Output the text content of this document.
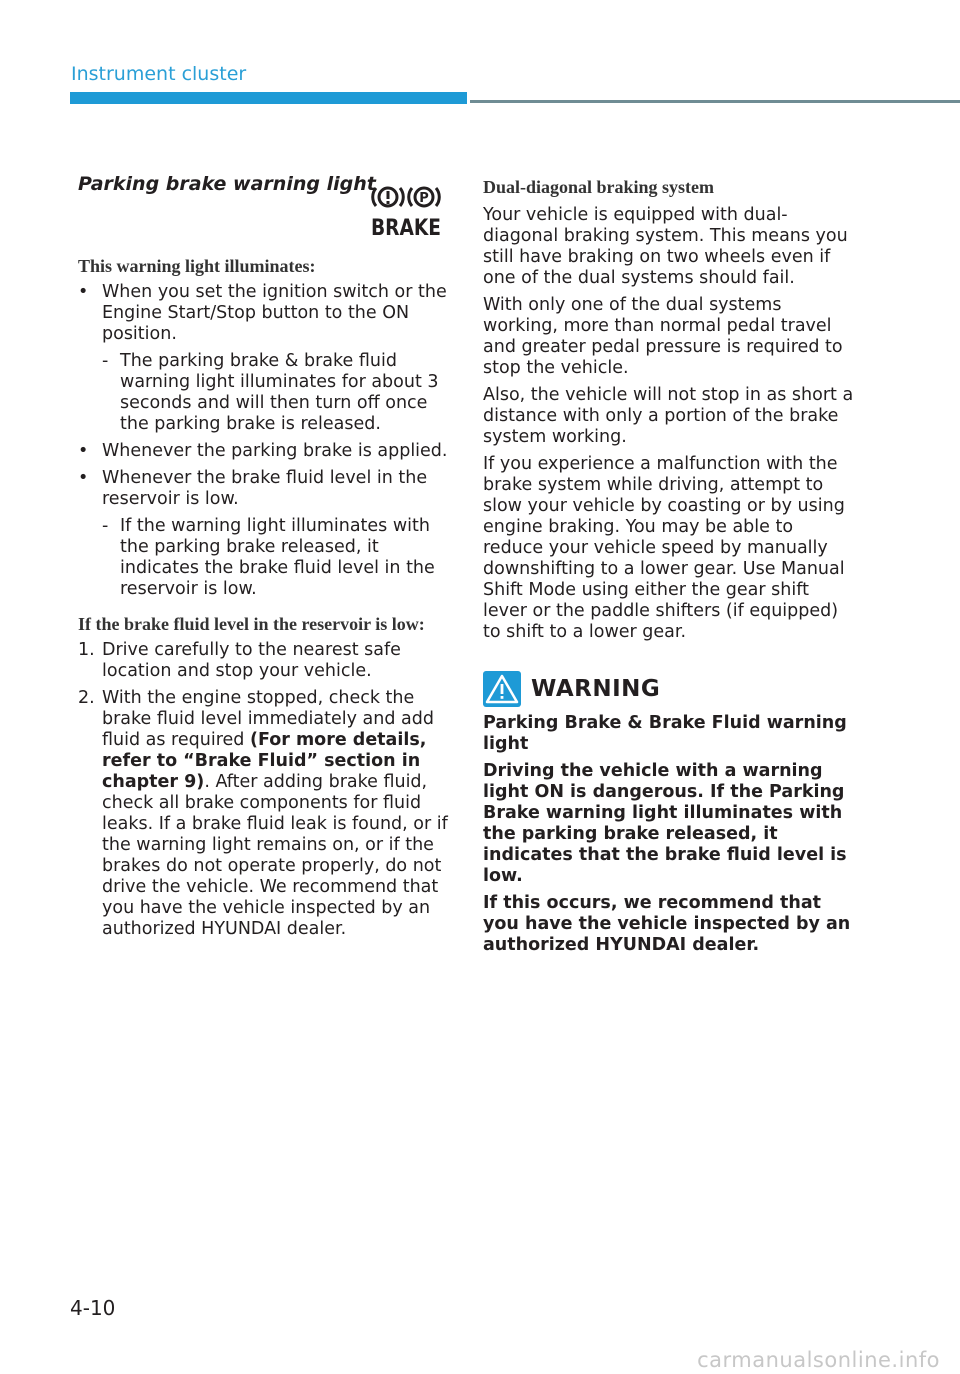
Instrument cluster
Parking brake warning light
This warning light illuminates:
• When you set the ignition switch or the Engine Start/Stop button to the ON position.
- The parking brake & brake fluid warning light illuminates for about 3 seconds and will then turn off once the parking brake is released.
• Whenever the parking brake is applied.
• Whenever the brake fluid level in the reservoir is low.
- If the warning light illuminates with the parking brake released, it indicates the brake fluid level in the reservoir is low.
If the brake fluid level in the reservoir is low:
1. Drive carefully to the nearest safe location and stop your vehicle.
2. With the engine stopped, check the brake fluid level immediately and add fluid as required (For more details, refer to “Brake Fluid” section in chapter 9). After adding brake fluid, check all brake components for fluid leaks. If a brake fluid leak is found, or if the warning light remains on, or if the brakes do not operate properly, do not drive the vehicle. We recommend that you have the vehicle inspected by an authorized HYUNDAI dealer.
P
BRAKE
Dual-diagonal braking system

Your vehicle is equipped with dual-diagonal braking system. This means you still have braking on two wheels even if one of the dual systems should fail.

With only one of the dual systems working, more than normal pedal travel and greater pedal pressure is required to stop the vehicle.

Also, the vehicle will not stop in as short a distance with only a portion of the brake system working.

If you experience a malfunction with the brake system while driving, attempt to slow your vehicle by coasting or by using engine braking. You may be able to reduce your vehicle speed by manually downshifting to a lower gear. Use Manual Shift Mode using either the gear shift lever or the paddle shifters (if equipped) to shift to a lower gear.

WARNING

Parking Brake & Brake Fluid warning light

Driving the vehicle with a warning light ON is dangerous. If the Parking Brake warning light illuminates with the parking brake released, it indicates that the brake fluid level is low.

If this occurs, we recommend that you have the vehicle inspected by an authorized HYUNDAI dealer.

4-10
carmanualsonline.info
